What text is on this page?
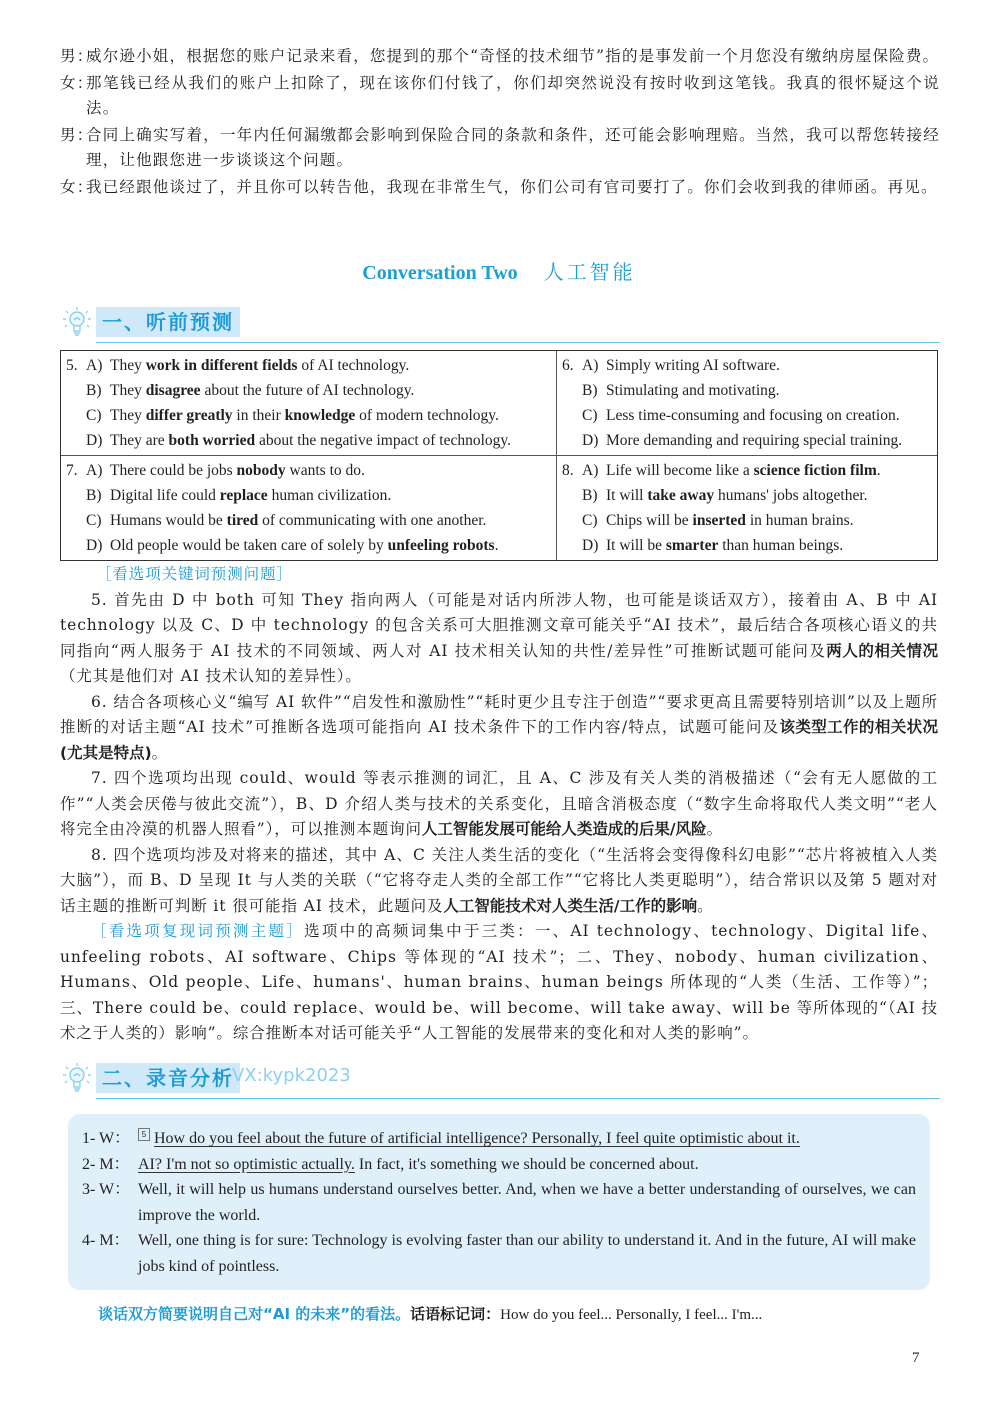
男：
威尔逊小姐，根据您的账户记录来看，您提到的那个“奇怪的技术细节”指的是事发前一个月您没有缴纳房屋保险费。
女：
那笔钱已经从我们的账户上扣除了，现在该你们付钱了，你们却突然说没有按时收到这笔钱。我真的很怀疑这个说法。
男：
合同上确实写着，一年内任何漏缴都会影响到保险合同的条款和条件，还可能会影响理赔。当然，我可以帮您转接经理，让他跟您进一步谈谈这个问题。
女：
我已经跟他谈过了，并且你可以转告他，我现在非常生气，你们公司有官司要打了。你们会收到我的律师函。再见。
Conversation Two 人工智能
一、听前预测
5. A) They work in different fields of AI technology.
B) They disagree about the future of AI technology.
C) They differ greatly in their knowledge of modern technology.
D) They are both worried about the negative impact of technology.
6. A) Simply writing AI software.
B) Stimulating and motivating.
C) Less time-consuming and focusing on creation.
D) More demanding and requiring special training.
7. A) There could be jobs nobody wants to do.
B) Digital life could replace human civilization.
C) Humans would be tired of communicating with one another.
D) Old people would be taken care of solely by unfeeling robots.
8. A) Life will become like a science fiction film.
B) It will take away humans' jobs altogether.
C) Chips will be inserted in human brains.
D) It will be smarter than human beings.
［看选项关键词预测问题］

5. 首先由 D 中 both 可知 They 指向两人（可能是对话内所涉人物，也可能是谈话双方），接着由 A、B 中 AI technology 以及 C、D 中 technology 的包含关系可大胆推测文章可能关乎“AI 技术”，最后结合各项核心语义的共同指向“两人服务于 AI 技术的不同领域、两人对 AI 技术相关认知的共性/差异性”可推断试题可能问及两人的相关情况（尤其是他们对 AI 技术认知的差异性）。

6. 结合各项核心义“编写 AI 软件”“启发性和激励性”“耗时更少且专注于创造”“要求更高且需要特别培训”以及上题所推断的对话主题“AI 技术”可推断各选项可能指向 AI 技术条件下的工作内容/特点，试题可能问及该类型工作的相关状况(尤其是特点)。

7. 四个选项均出现 could、would 等表示推测的词汇，且 A、C 涉及有关人类的消极描述（“会有无人愿做的工作”“人类会厌倦与彼此交流”），B、D 介绍人类与技术的关系变化，且暗含消极态度（“数字生命将取代人类文明”“老人将完全由冷漠的机器人照看”），可以推测本题询问人工智能发展可能给人类造成的后果/风险。

8. 四个选项均涉及对将来的描述，其中 A、C 关注人类生活的变化（“生活将会变得像科幻电影”“芯片将被植入人类大脑”），而 B、D 呈现 It 与人类的关联（“它将夺走人类的全部工作”“它将比人类更聪明”），结合常识以及第 5 题对对话主题的推断可判断 it 很可能指 AI 技术，此题问及人工智能技术对人类生活/工作的影响。

［看选项复现词预测主题］选项中的高频词集中于三类：一、AI technology、technology、Digital life、unfeeling robots、AI software、Chips 等体现的“AI 技术”；二、They、nobody、human civilization、Humans、Old people、Life、humans'、human brains、human beings 所体现的“人类（生活、工作等）”；三、There could be、could replace、would be、will become、will take away、will be 等所体现的“（AI 技术之于人类的）影响”。综合推断本对话可能关乎“人工智能的发展带来的变化和对人类的影响”。

二、录音分析
VX:kypk2023
1- W：	5 How do you feel about the future of artificial intelligence? Personally, I feel quite optimistic about it.
2- M： AI? I'm not so optimistic actually. In fact, it's something we should be concerned about.
3- W： Well, it will help us humans understand ourselves better. And, when we have a better understanding of ourselves, we can improve the world.
4- M： Well, one thing is for sure: Technology is evolving faster than our ability to understand it. And in the future, AI will make jobs kind of pointless.
谈话双方简要说明自己对“AI 的未来”的看法。话语标记词：How do you feel... Personally, I feel... I'm...
7
